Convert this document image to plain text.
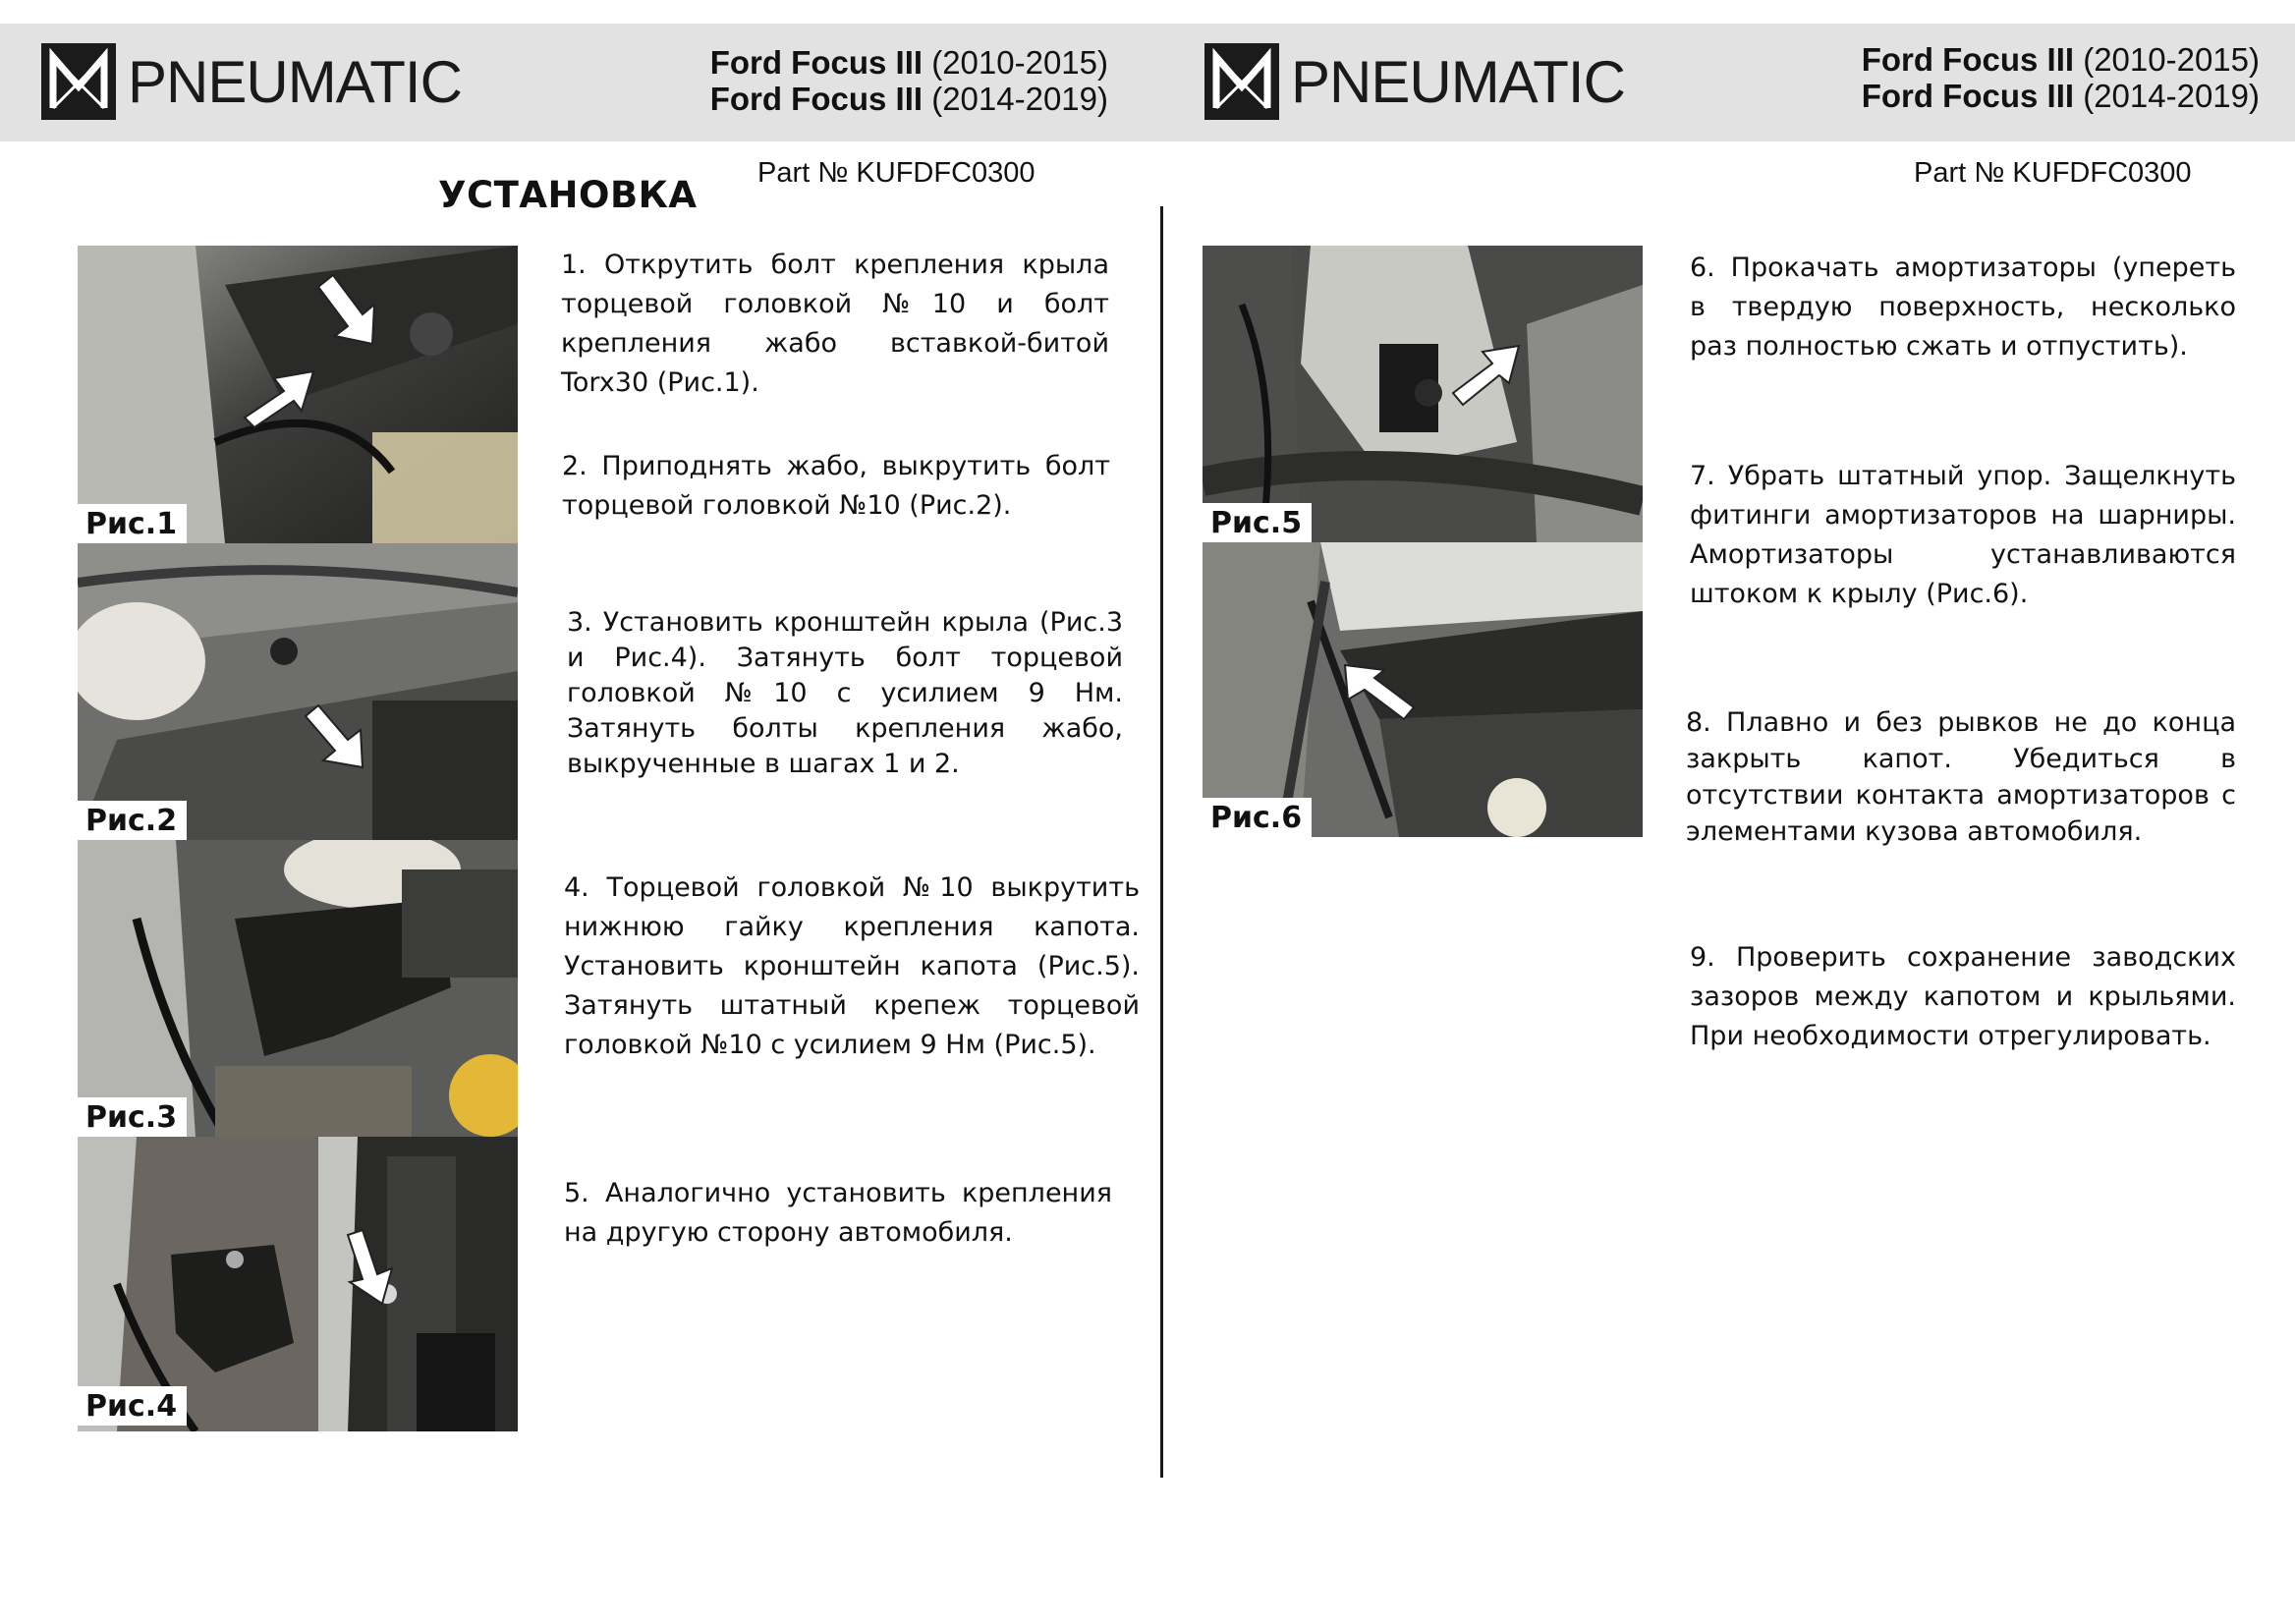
PNEUMATIC	Ford Focus III (2010-2015)
Ford Focus III (2014-2019)	PNEUMATIC	Ford Focus III (2010-2015)
Ford Focus III (2014-2019)
Part № KUFDFC0300	Part № KUFDFC0300
УСТАНОВКА
Рис.1
Рис.2
Рис.3
Рис.4
1. Открутить болт крепления крыла торцевой головкой №10 и болт крепления жабо вставкой-битой Torx30 (Рис.1).
2. Приподнять жабо, выкрутить болт торцевой головкой №10 (Рис.2).
3. Установить кронштейн крыла (Рис.3 и Рис.4). Затянуть болт торцевой головкой №10 с усилием 9 Нм. Затянуть болты крепления жабо, выкрученные в шагах 1 и 2.
4. Торцевой головкой №10 выкрутить нижнюю гайку крепления капота. Установить кронштейн капота (Рис.5). Затянуть штатный крепеж торцевой головкой №10 с усилием 9 Нм (Рис.5).
5. Аналогично установить крепления на другую сторону автомобиля.
Рис.5
Рис.6
6. Прокачать амортизаторы (упереть в твердую поверхность, несколько раз полностью сжать и отпустить).
7. Убрать штатный упор. Защелкнуть фитинги амортизаторов на шарниры. Амортизаторы устанавливаются штоком к крылу (Рис.6).
8. Плавно и без рывков не до конца закрыть капот. Убедиться в отсутствии контакта амортизаторов с элементами кузова автомобиля.
9. Проверить сохранение заводских зазоров между капотом и крыльями. При необходимости отрегулировать.
